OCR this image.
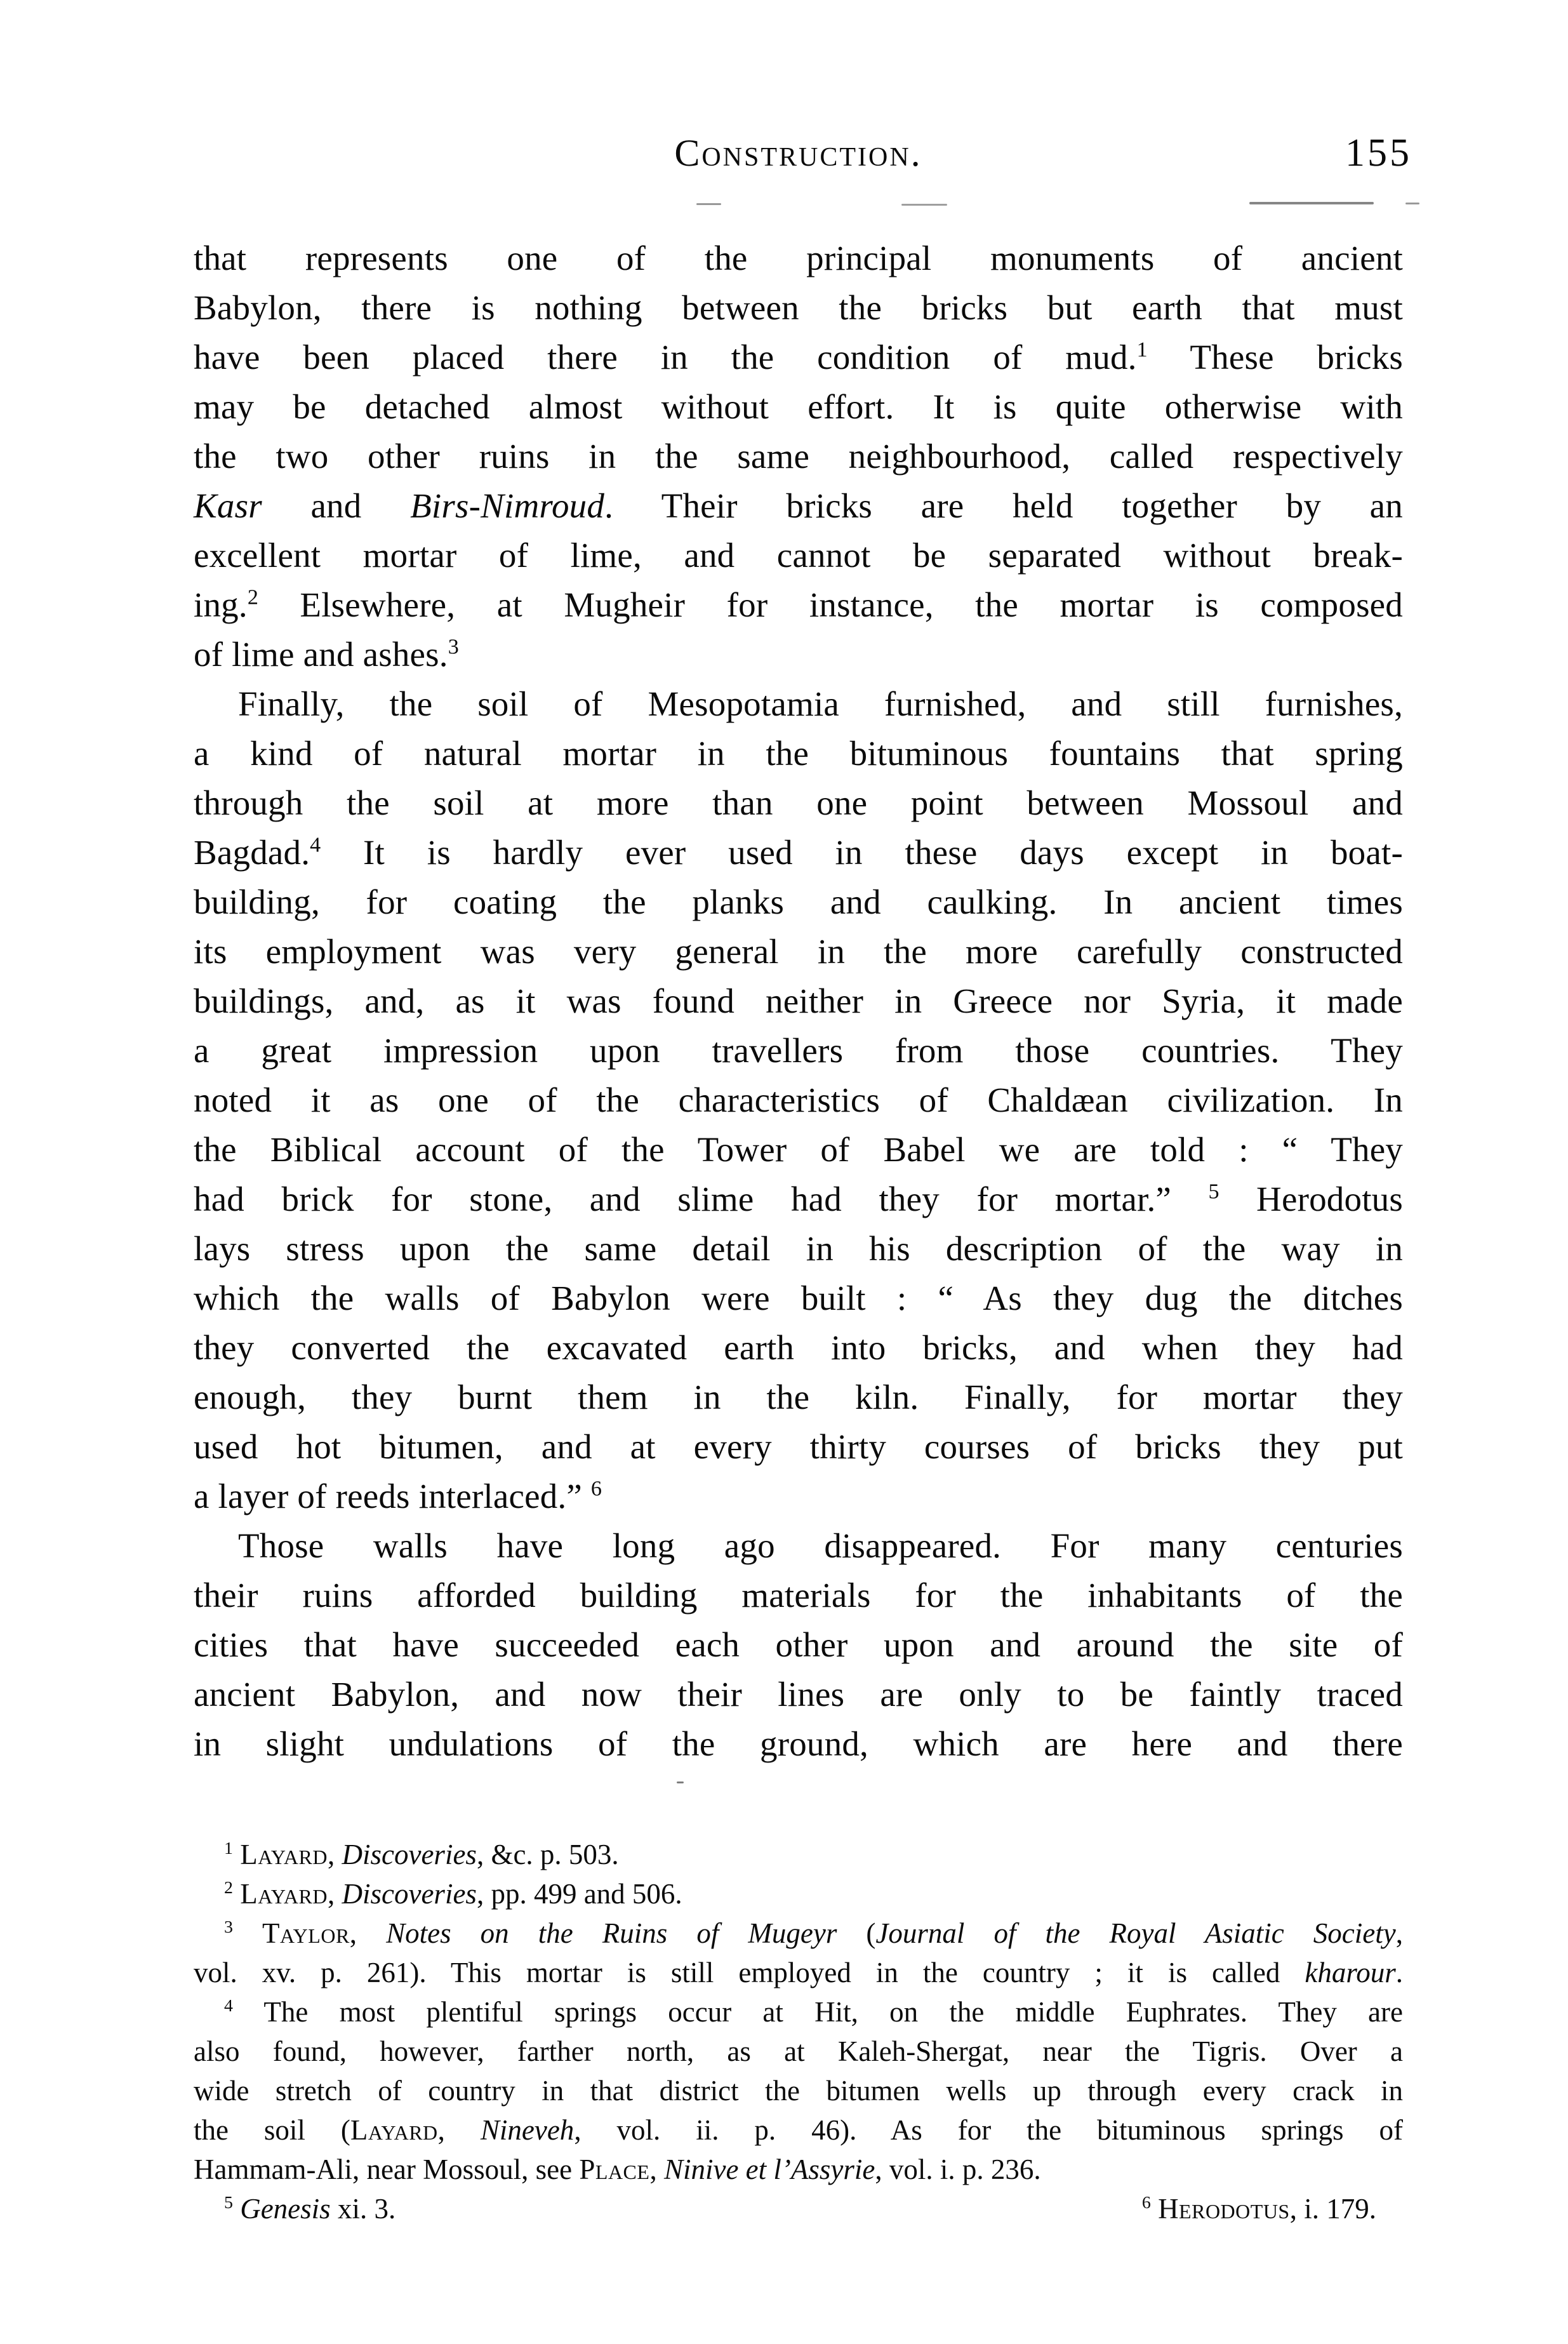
Construction.	155
that represents one of the principal monuments of ancient
Babylon, there is nothing between the bricks but earth that must
have been placed there in the condition of mud.$^1$ These bricks
may be detached almost without effort. It is quite otherwise with
the two other ruins in the same neighbourhood, called respectively
Kasr and Birs-Nimroud. Their bricks are held together by an
excellent mortar of lime, and cannot be separated without break-
ing.$^2$ Elsewhere, at Mugheir for instance, the mortar is composed
of lime and ashes.$^3$
Finally, the soil of Mesopotamia furnished, and still furnishes,
a kind of natural mortar in the bituminous fountains that spring
through the soil at more than one point between Mossoul and
Bagdad.$^4$ It is hardly ever used in these days except in boat-
building, for coating the planks and caulking. In ancient times
its employment was very general in the more carefully constructed
buildings, and, as it was found neither in Greece nor Syria, it made
a great impression upon travellers from those countries. They
noted it as one of the characteristics of Chaldæan civilization. In
the Biblical account of the Tower of Babel we are told : “ They
had brick for stone, and slime had they for mortar.” $^5$ Herodotus
lays stress upon the same detail in his description of the way in
which the walls of Babylon were built : “ As they dug the ditches
they converted the excavated earth into bricks, and when they had
enough, they burnt them in the kiln. Finally, for mortar they
used hot bitumen, and at every thirty courses of bricks they put
a layer of reeds interlaced.” $^6$
Those walls have long ago disappeared. For many centuries
their ruins afforded building materials for the inhabitants of the
cities that have succeeded each other upon and around the site of
ancient Babylon, and now their lines are only to be faintly traced
in slight undulations of the ground, which are here and there
$^1$ Layard, Discoveries, &c. p. 503.
$^2$ Layard, Discoveries, pp. 499 and 506.
$^3$ Taylor, Notes on the Ruins of Mugeyr (Journal of the Royal Asiatic Society,
vol. xv. p. 261). This mortar is still employed in the country ; it is called kharour.
$^4$ The most plentiful springs occur at Hit, on the middle Euphrates. They are
also found, however, farther north, as at Kaleh-Shergat, near the Tigris. Over a
wide stretch of country in that district the bitumen wells up through every crack in
the soil (Layard, Nineveh, vol. ii. p. 46). As for the bituminous springs of
Hammam-Ali, near Mossoul, see Place, Ninive et l’Assyrie, vol. i. p. 236.
$^5$ Genesis xi. 3.	$^6$ Herodotus, i. 179.
